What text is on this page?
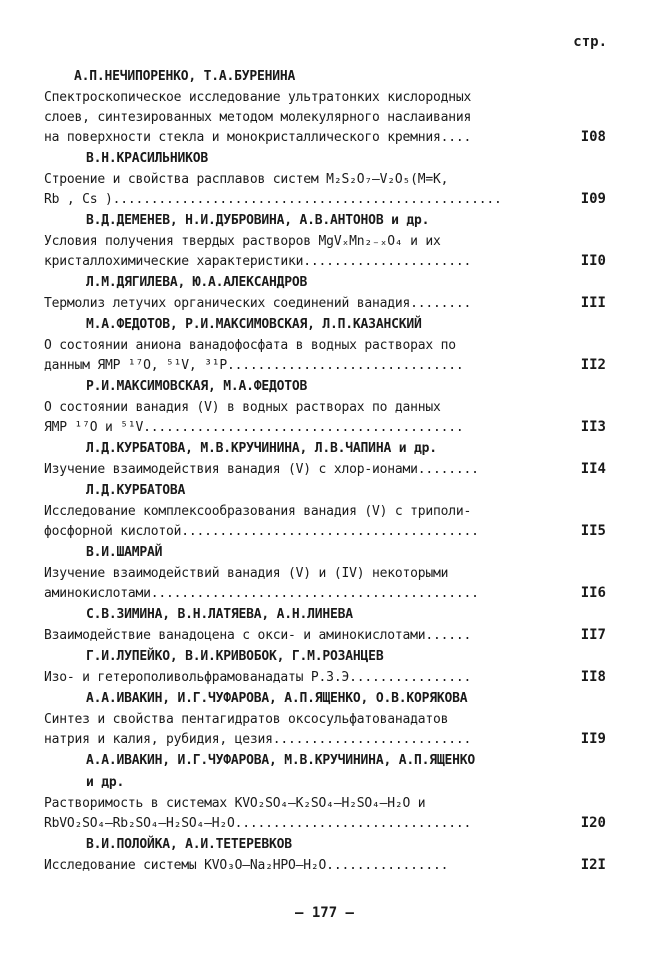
стр.
А.П.НЕЧИПОРЕНКО, Т.А.БУРЕНИНА
Спектроскопическое исследование ультратонких кислородных
слоев, синтезированных методом молекулярного наслаивания
на поверхности стекла и монокристаллического кремния....	I08
В.Н.КРАСИЛЬНИКОВ
Строение и свойства расплавов систем M₂S₂O₇–V₂O₅(M=K,
Rb , Cs )...................................................	I09
В.Д.ДЕМЕНЕВ, Н.И.ДУБРОВИНА, А.В.АНТОНОВ и др.
Условия получения твердых растворов MgVₓMn₂₋ₓO₄ и их
кристаллохимические характеристики......................	II0
Л.М.ДЯГИЛЕВА, Ю.А.АЛЕКСАНДРОВ
Термолиз летучих органических соединений ванадия........	III
М.А.ФЕДОТОВ, Р.И.МАКСИМОВСКАЯ, Л.П.КАЗАНСКИЙ
О состоянии аниона ванадофосфата в водных растворах по
данным ЯМР ¹⁷O, ⁵¹V, ³¹P...............................	II2
Р.И.МАКСИМОВСКАЯ, М.А.ФЕДОТОВ
О состоянии ванадия (V) в водных растворах по данных
ЯМР ¹⁷O и ⁵¹V..........................................	II3
Л.Д.КУРБАТОВА, М.В.КРУЧИНИНА, Л.В.ЧАПИНА и др.
Изучение взаимодействия ванадия (V) с хлор-ионами........	II4
Л.Д.КУРБАТОВА
Исследование комплексообразования ванадия (V) с триполи-
фосфорной кислотой.......................................	II5
В.И.ШАМРАЙ
Изучение взаимодействий ванадия (V) и (IV) некоторыми
аминокислотами...........................................	II6
С.В.ЗИМИНА, В.Н.ЛАТЯЕВА, А.Н.ЛИНЕВА
Взаимодействие ванадоцена с окси- и аминокислотами......	II7
Г.И.ЛУПЕЙКО, В.И.КРИВОБОК, Г.М.РОЗАНЦЕВ
Изо- и гетерополивольфрамованадаты Р.З.Э................	II8
А.А.ИВАКИН, И.Г.ЧУФАРОВА, А.П.ЯЩЕНКО, О.В.КОРЯКОВА
Синтез и свойства пентагидратов оксосульфатованадатов
натрия и калия, рубидия, цезия..........................	II9
А.А.ИВАКИН, И.Г.ЧУФАРОВА, М.В.КРУЧИНИНА, А.П.ЯЩЕНКО
и др.
Растворимость в системах KVO₂SO₄–K₂SO₄–H₂SO₄–H₂O и
RbVO₂SO₄–Rb₂SO₄–H₂SO₄–H₂O...............................	I20
В.И.ПОЛОЙКА, А.И.ТЕТЕРЕВКОВ
Исследование системы KVO₃O–Na₂HPO–H₂O................	I2I
– 177 –
